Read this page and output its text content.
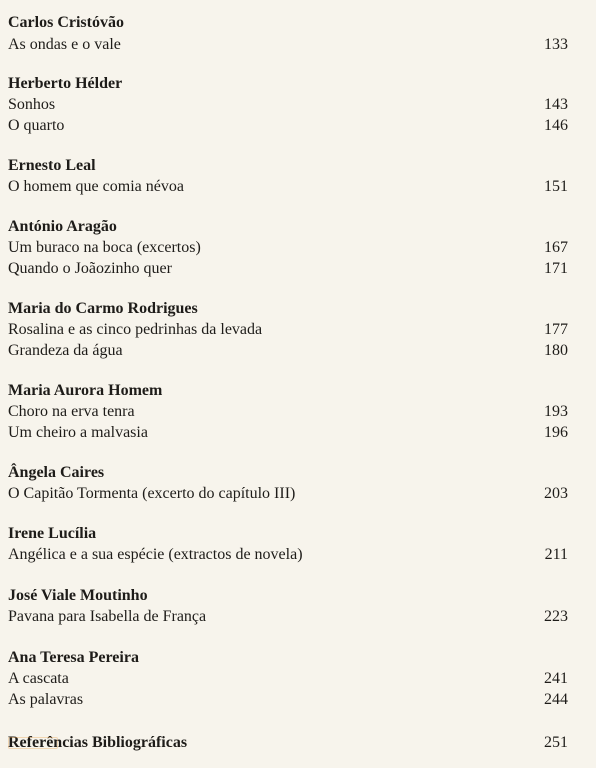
Carlos Cristóvão
As ondas e o vale	133
Herberto Hélder
Sonhos	143
O quarto	146
Ernesto Leal
O homem que comia névoa	151
António Aragão
Um buraco na boca (excertos)	167
Quando o Joãozinho quer	171
Maria do Carmo Rodrigues
Rosalina e as cinco pedrinhas da levada	177
Grandeza da água	180
Maria Aurora Homem
Choro na erva tenra	193
Um cheiro a malvasia	196
Ângela Caires
O Capitão Tormenta (excerto do capítulo III)	203
Irene Lucília
Angélica e a sua espécie (extractos de novela)	211
José Viale Moutinho
Pavana para Isabella de França	223
Ana Teresa Pereira
A cascata	241
As palavras	244
Referências Bibliográficas	251
